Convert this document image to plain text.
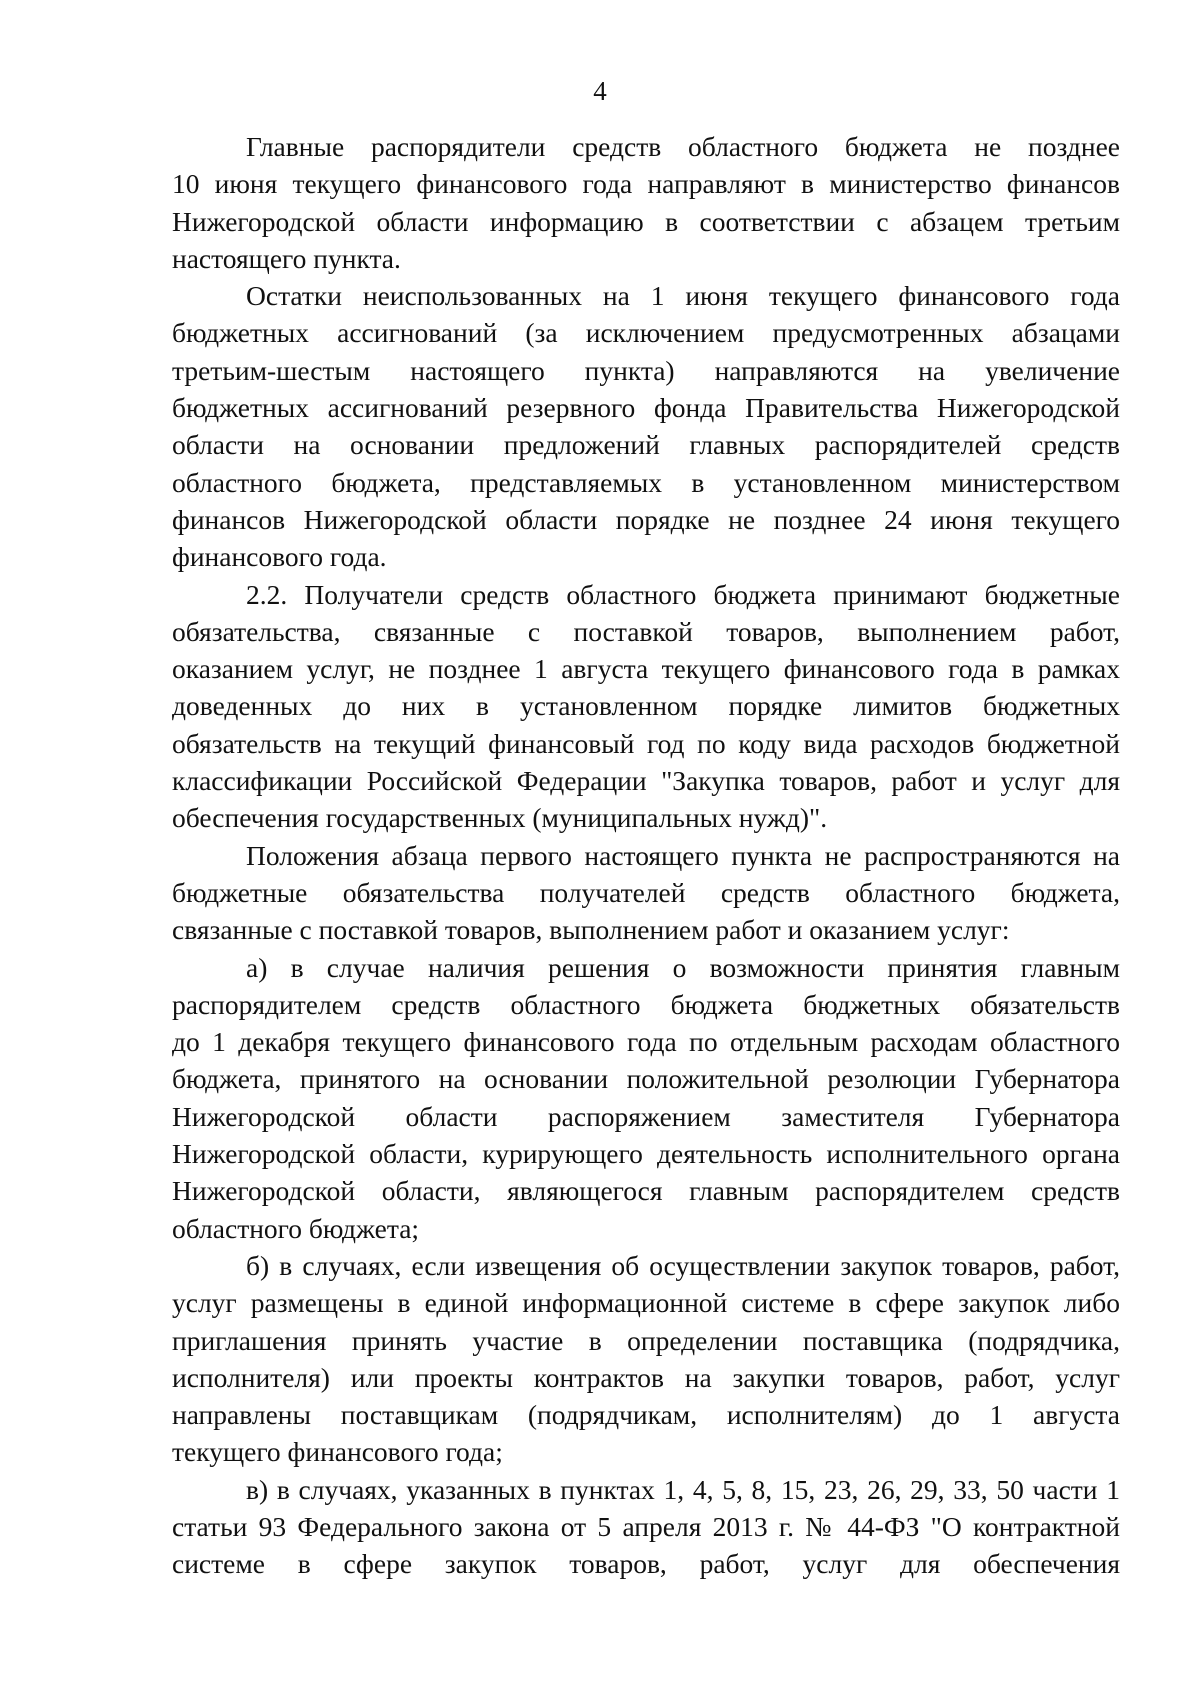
4
Главные распорядители средств областного бюджета не позднее
10 июня текущего финансового года направляют в министерство финансов
Нижегородской области информацию в соответствии с абзацем третьим
настоящего пункта.
Остатки неиспользованных на 1 июня текущего финансового года
бюджетных ассигнований (за исключением предусмотренных абзацами
третьим-шестым настоящего пункта) направляются на увеличение
бюджетных ассигнований резервного фонда Правительства Нижегородской
области на основании предложений главных распорядителей средств
областного бюджета, представляемых в установленном министерством
финансов Нижегородской области порядке не позднее 24 июня текущего
финансового года.
2.2. Получатели средств областного бюджета принимают бюджетные
обязательства, связанные с поставкой товаров, выполнением работ,
оказанием услуг, не позднее 1 августа текущего финансового года в рамках
доведенных до них в установленном порядке лимитов бюджетных
обязательств на текущий финансовый год по коду вида расходов бюджетной
классификации Российской Федерации "Закупка товаров, работ и услуг для
обеспечения государственных (муниципальных нужд)".
Положения абзаца первого настоящего пункта не распространяются на
бюджетные обязательства получателей средств областного бюджета,
связанные с поставкой товаров, выполнением работ и оказанием услуг:
а) в случае наличия решения о возможности принятия главным
распорядителем средств областного бюджета бюджетных обязательств
до 1 декабря текущего финансового года по отдельным расходам областного
бюджета, принятого на основании положительной резолюции Губернатора
Нижегородской области распоряжением заместителя Губернатора
Нижегородской области, курирующего деятельность исполнительного органа
Нижегородской области, являющегося главным распорядителем средств
областного бюджета;
б) в случаях, если извещения об осуществлении закупок товаров, работ,
услуг размещены в единой информационной системе в сфере закупок либо
приглашения принять участие в определении поставщика (подрядчика,
исполнителя) или проекты контрактов на закупки товаров, работ, услуг
направлены поставщикам (подрядчикам, исполнителям) до 1 августа
текущего финансового года;
в) в случаях, указанных в пунктах 1, 4, 5, 8, 15, 23, 26, 29, 33, 50 части 1
статьи 93 Федерального закона от 5 апреля 2013 г. № 44-ФЗ "О контрактной
системе в сфере закупок товаров, работ, услуг для обеспечения
